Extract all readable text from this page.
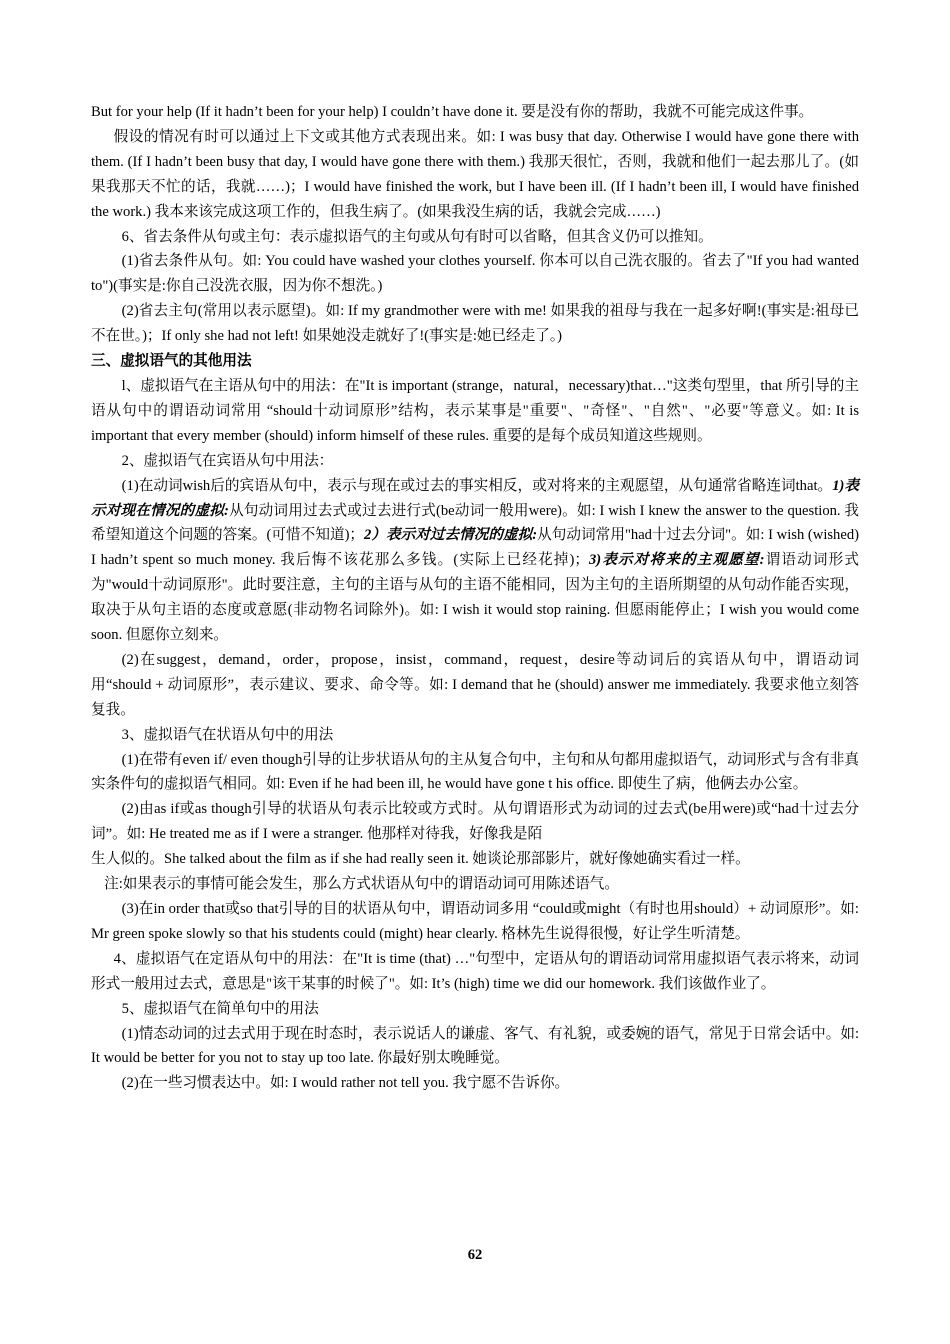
But for your help (If it hadn’t been for your help) I couldn’t have done it. 要是没有你的帮助，我就不可能完成这件事。

假设的情况有时可以通过上下文或其他方式表现出来。如: I was busy that day. Otherwise I would have gone there with them. (If I hadn’t been busy that day, I would have gone there with them.) 我那天很忙，否则，我就和他们一起去那儿了。(如果我那天不忙的话，我就……)；I would have finished the work, but I have been ill. (If I hadn’t been ill, I would have finished the work.) 我本来该完成这项工作的，但我生病了。(如果我没生病的话，我就会完成……)

6、省去条件从句或主句：表示虚拟语气的主句或从句有时可以省略，但其含义仍可以推知。

(1)省去条件从句。如: You could have washed your clothes yourself. 你本可以自己洗衣服的。省去了"If you had wanted to")(事实是:你自己没洗衣服，因为你不想洗。)

(2)省去主句(常用以表示愿望)。如: If my grandmother were with me! 如果我的祖母与我在一起多好啊!(事实是:祖母已不在世。)；If only she had not left! 如果她没走就好了!(事实是:她已经走了。)

三、虚拟语气的其他用法

l、虚拟语气在主语从句中的用法：在"It is important (strange，natural，necessary)that…"这类句型里，that 所引导的主语从句中的谓语动词常用 “should十动词原形”结构，表示某事是"重要"、"奇怪"、"自然"、"必要"等意义。如: It is important that every member (should) inform himself of these rules. 重要的是每个成员知道这些规则。

2、虚拟语气在宾语从句中用法：

(1)在动词wish后的宾语从句中，表示与现在或过去的事实相反，或对将来的主观愿望，从句通常省略连词that。1)表示对现在情况的虚拟:从句动词用过去式或过去进行式(be动词一般用were)。如: I wish I knew the answer to the question. 我希望知道这个问题的答案。(可惜不知道)；2）表示对过去情况的虚拟:从句动词常用"had十过去分词"。如: I wish (wished) I hadn’t spent so much money. 我后悔不该花那么多钱。(实际上已经花掉)；3)表示对将来的主观愿望:谓语动词形式为"would十动词原形"。此时要注意，主句的主语与从句的主语不能相同，因为主句的主语所期望的从句动作能否实现，取决于从句主语的态度或意愿(非动物名词除外)。如: I wish it would stop raining. 但愿雨能停止；I wish you would come soon. 但愿你立刻来。

(2)在suggest，demand，order，propose，insist，command，request，desire等动词后的宾语从句中，谓语动词用“should + 动词原形”，表示建议、要求、命令等。如: I demand that he (should) answer me immediately. 我要求他立刻答复我。

3、虚拟语气在状语从句中的用法

(1)在带有even if/ even though引导的让步状语从句的主从复合句中，主句和从句都用虚拟语气，动词形式与含有非真实条件句的虚拟语气相同。如: Even if he had been ill, he would have gone t his office. 即使生了病，他俩去办公室。

(2)由as if或as though引导的状语从句表示比较或方式时。从句谓语形式为动词的过去式(be用were)或“had十过去分词”。如: He treated me as if I were a stranger. 他那样对待我，好像我是陌

生人似的。She talked about the film as if she had really seen it. 她谈论那部影片，就好像她确实看过一样。

注:如果表示的事情可能会发生，那么方式状语从句中的谓语动词可用陈述语气。

(3)在in order that或so that引导的目的状语从句中，谓语动词多用 “could或might（有时也用should）+ 动词原形”。如: Mr green spoke slowly so that his students could (might) hear clearly. 格林先生说得很慢，好让学生听清楚。

4、虚拟语气在定语从句中的用法：在"It is time (that) …"句型中，定语从句的谓语动词常用虚拟语气表示将来，动词形式一般用过去式，意思是"该干某事的时候了"。如: It’s (high) time we did our homework. 我们该做作业了。

5、虚拟语气在简单句中的用法

(1)情态动词的过去式用于现在时态时，表示说话人的谦虚、客气、有礼貌，或委婉的语气，常见于日常会话中。如: It would be better for you not to stay up too late. 你最好别太晚睡觉。

(2)在一些习惯表达中。如: I would rather not tell you. 我宁愿不告诉你。

62
